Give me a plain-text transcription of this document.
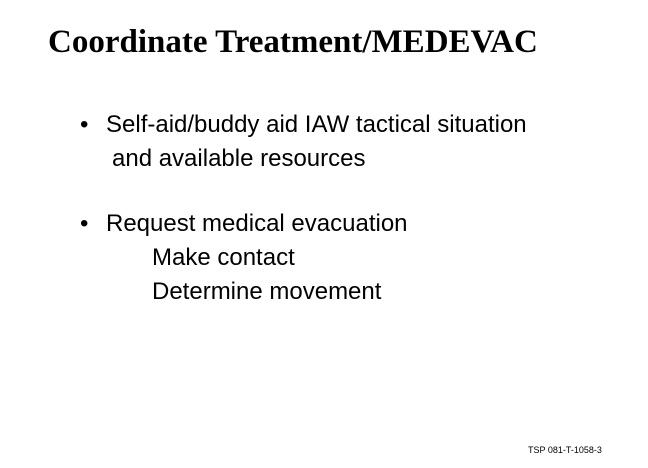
Coordinate Treatment/MEDEVAC
• Self-aid/buddy aid IAW tactical situation
and available resources
• Request medical evacuation
Make contact
Determine movement
TSP 081-T-1058-3
